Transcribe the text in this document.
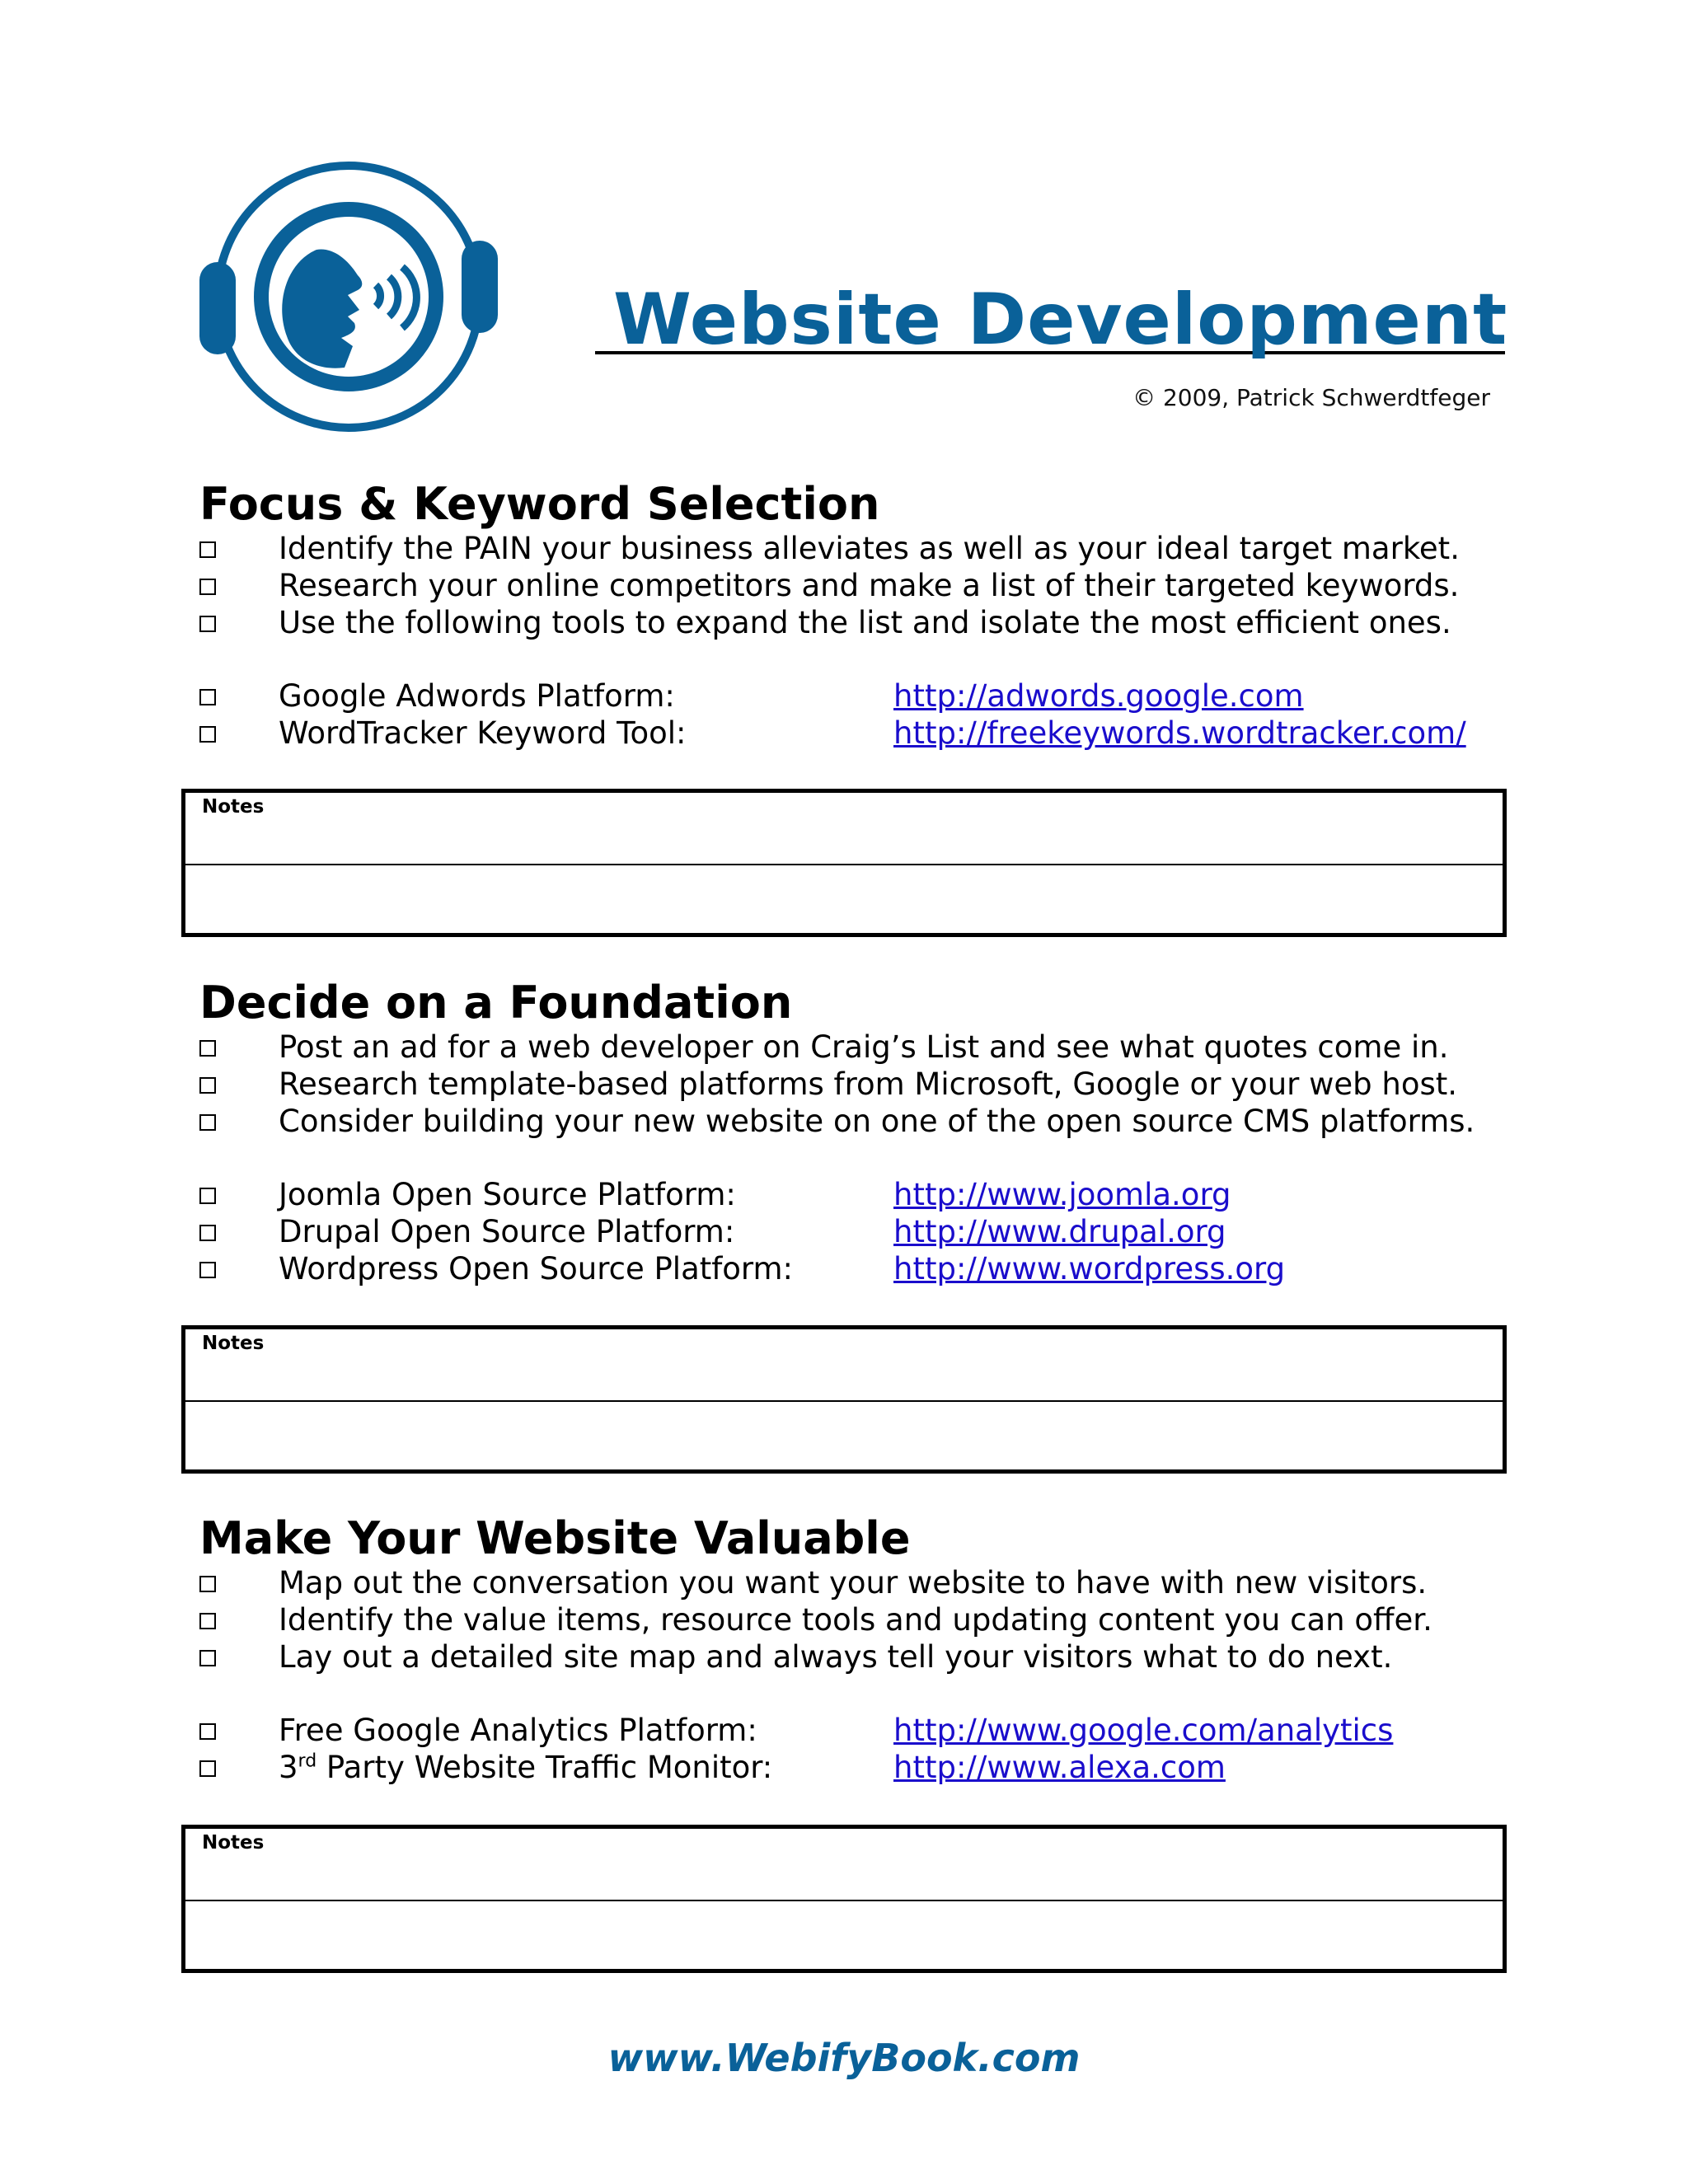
Website Development
© 2009, Patrick Schwerdtfeger
Focus & Keyword Selection
Identify the PAIN your business alleviates as well as your ideal target market.
Research your online competitors and make a list of their targeted keywords.
Use the following tools to expand the list and isolate the most efficient ones.
Google Adwords Platform:	http://adwords.google.com
WordTracker Keyword Tool:	http://freekeywords.wordtracker.com/
Notes
Decide on a Foundation
Post an ad for a web developer on Craig’s List and see what quotes come in.
Research template-based platforms from Microsoft, Google or your web host.
Consider building your new website on one of the open source CMS platforms.
Joomla Open Source Platform:	http://www.joomla.org
Drupal Open Source Platform:	http://www.drupal.org
Wordpress Open Source Platform:	http://www.wordpress.org
Notes
Make Your Website Valuable
Map out the conversation you want your website to have with new visitors.
Identify the value items, resource tools and updating content you can offer.
Lay out a detailed site map and always tell your visitors what to do next.
Free Google Analytics Platform:	http://www.google.com/analytics
3rd Party Website Traffic Monitor:	http://www.alexa.com
Notes
www.WebifyBook.com
